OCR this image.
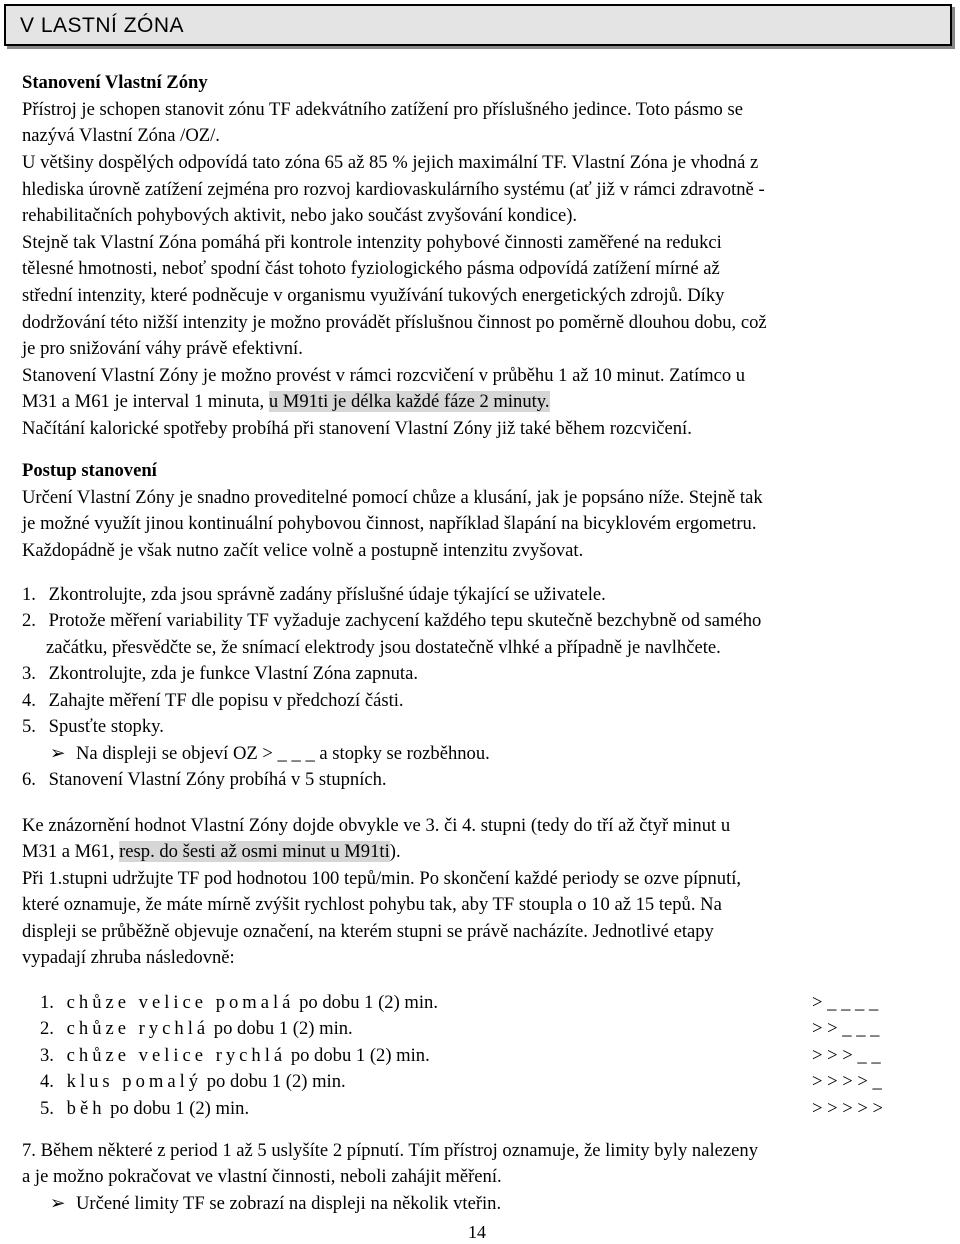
V LASTNÍ ZÓNA
Stanovení Vlastní Zóny
Přístroj je schopen stanovit zónu TF adekvátního zatížení pro příslušného jedince. Toto pásmo se
nazývá Vlastní Zóna /OZ/.
U většiny dospělých odpovídá tato zóna 65 až 85 % jejich maximální TF. Vlastní Zóna je vhodná z
hlediska úrovně zatížení zejména pro rozvoj kardiovaskulárního systému (ať již v rámci zdravotně -
rehabilitačních pohybových aktivit, nebo jako součást zvyšování kondice).
Stejně tak Vlastní Zóna pomáhá při kontrole intenzity pohybové činnosti zaměřené na redukci
tělesné hmotnosti, neboť spodní část tohoto fyziologického pásma odpovídá zatížení mírné až
střední intenzity, které podněcuje v organismu využívání tukových energetických zdrojů. Díky
dodržování této nižší intenzity je možno provádět příslušnou činnost po poměrně dlouhou dobu, což
je pro snižování váhy právě efektivní.
Stanovení Vlastní Zóny je možno provést v rámci rozcvičení v průběhu 1 až 10 minut. Zatímco u
M31 a M61 je interval 1 minuta, u M91ti je délka každé fáze 2 minuty.
Načítání kalorické spotřeby probíhá při stanovení Vlastní Zóny již také během rozcvičení.
Postup stanovení
Určení Vlastní Zóny je snadno proveditelné pomocí chůze a klusání, jak je popsáno níže. Stejně tak
je možné využít jinou kontinuální pohybovou činnost, například šlapání na bicyklovém ergometru.
Každopádně je však nutno začít velice volně a postupně intenzitu zvyšovat.
1. Zkontrolujte, zda jsou správně zadány příslušné údaje týkající se uživatele.
2. Protože měření variability TF vyžaduje zachycení každého tepu skutečně bezchybně od samého
začátku, přesvědčte se, že snímací elektrody jsou dostatečně vlhké a případně je navlhčete.
3. Zkontrolujte, zda je funkce Vlastní Zóna zapnuta.
4. Zahajte měření TF dle popisu v předchozí části.
5. Spusťte stopky.
➢ Na displeji se objeví OZ > _ _ _ a stopky se rozběhnou.
6. Stanovení Vlastní Zóny probíhá v 5 stupních.
Ke znázornění hodnot Vlastní Zóny dojde obvykle ve 3. či 4. stupni (tedy do tří až čtyř minut u
M31 a M61, resp. do šesti až osmi minut u M91ti).
Při 1.stupni udržujte TF pod hodnotou 100 tepů/min. Po skončení každé periody se ozve pípnutí,
které oznamuje, že máte mírně zvýšit rychlost pohybu tak, aby TF stoupla o 10 až 15 tepů. Na
displeji se průběžně objevuje označení, na kterém stupni se právě nacházíte. Jednotlivé etapy
vypadají zhruba následovně:
1. chůze velice pomalá po dobu 1 (2) min.	> _ _ _ _
2. chůze rychlá po dobu 1 (2) min.	> > _ _ _
3. chůze velice rychlá po dobu 1 (2) min.	> > > _ _
4. klus pomalý po dobu 1 (2) min.	> > > > _
5. běh po dobu 1 (2) min.	> > > > >
7. Během některé z period 1 až 5 uslyšíte 2 pípnutí. Tím přístroj oznamuje, že limity byly nalezeny
a je možno pokračovat ve vlastní činnosti, neboli zahájit měření.
➢ Určené limity TF se zobrazí na displeji na několik vteřin.
14
